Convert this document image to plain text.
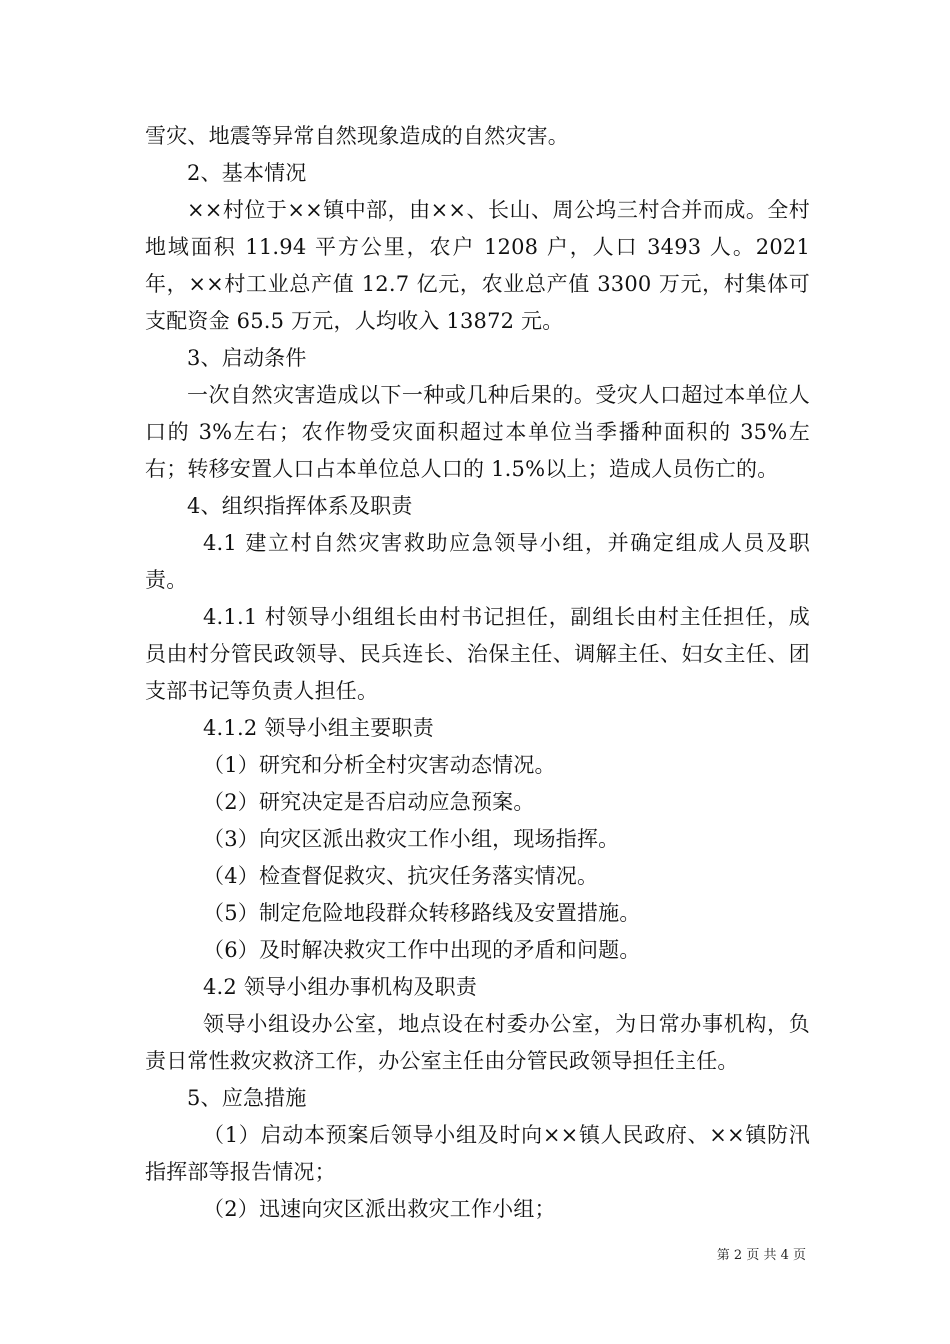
雪灾、地震等异常自然现象造成的自然灾害。

2、基本情况

××村位于××镇中部，由××、长山、周公坞三村合并而成。全村地域面积 11.94 平方公里，农户 1208 户，人口 3493 人。2021 年，××村工业总产值 12.7 亿元，农业总产值 3300 万元，村集体可支配资金 65.5 万元，人均收入 13872 元。

3、启动条件

一次自然灾害造成以下一种或几种后果的。受灾人口超过本单位人口的 3%左右；农作物受灾面积超过本单位当季播种面积的 35%左右；转移安置人口占本单位总人口的 1.5%以上；造成人员伤亡的。

4、组织指挥体系及职责

4.1 建立村自然灾害救助应急领导小组，并确定组成人员及职责。

4.1.1 村领导小组组长由村书记担任，副组长由村主任担任，成员由村分管民政领导、民兵连长、治保主任、调解主任、妇女主任、团支部书记等负责人担任。

4.1.2 领导小组主要职责

（1）研究和分析全村灾害动态情况。

（2）研究决定是否启动应急预案。

（3）向灾区派出救灾工作小组，现场指挥。

（4）检查督促救灾、抗灾任务落实情况。

（5）制定危险地段群众转移路线及安置措施。

（6）及时解决救灾工作中出现的矛盾和问题。

4.2 领导小组办事机构及职责

领导小组设办公室，地点设在村委办公室，为日常办事机构，负责日常性救灾救济工作，办公室主任由分管民政领导担任主任。

5、应急措施

（1）启动本预案后领导小组及时向××镇人民政府、××镇防汛指挥部等报告情况；

（2）迅速向灾区派出救灾工作小组；

第 2 页 共 4 页
